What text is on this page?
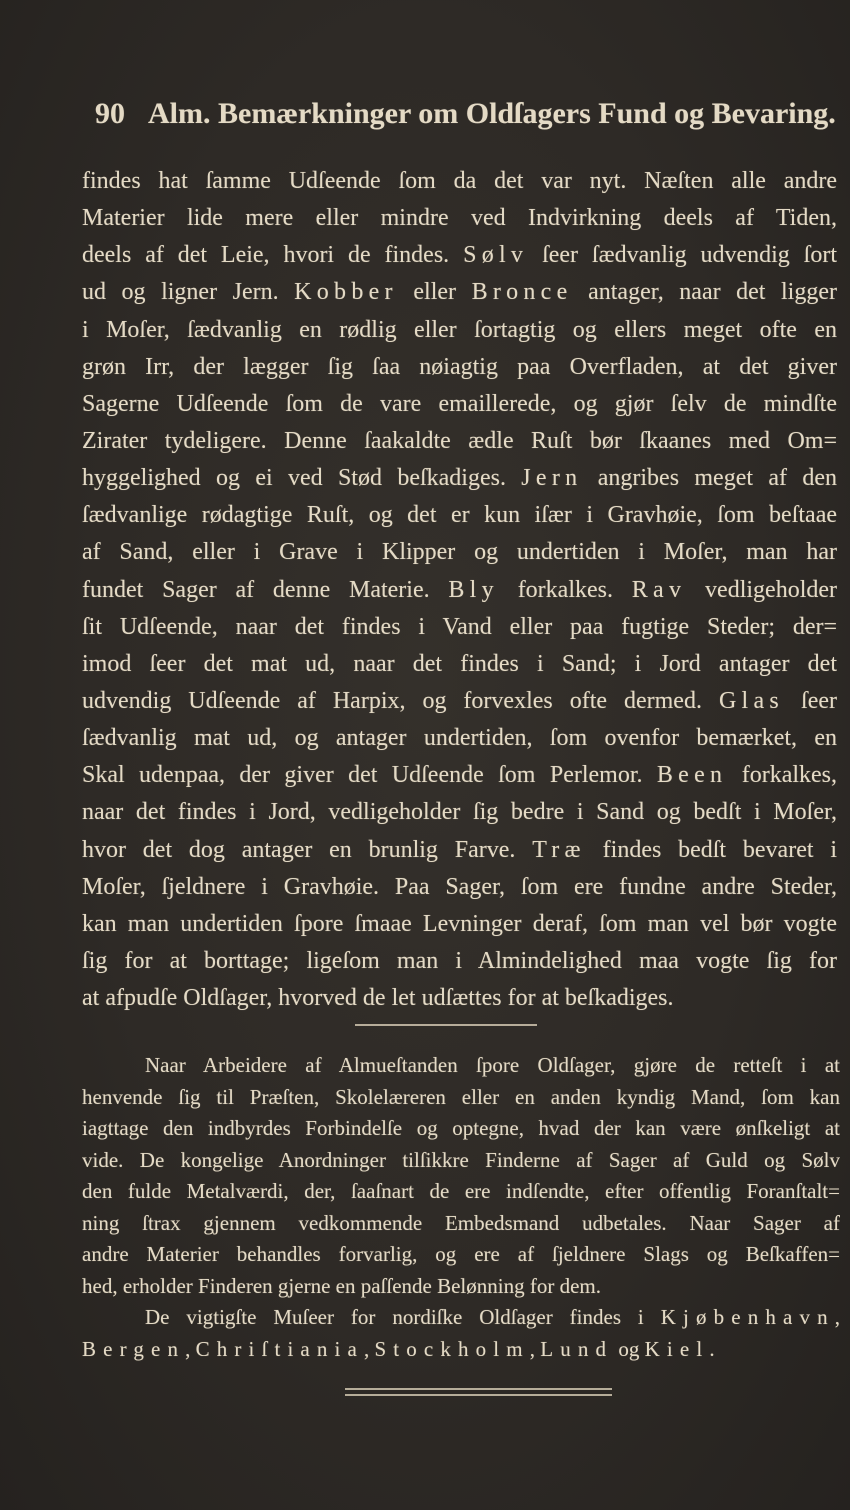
90 Alm. Bemærkninger om Oldſagers Fund og Bevaring.
findes hat ſamme Udſeende ſom da det var nyt. Næſten alle andre
Materier lide mere eller mindre ved Indvirkning deels af Tiden,
deels af det Leie, hvori de findes. Sølv ſeer ſædvanlig udvendig ſort
ud og ligner Jern. Kobber eller Bronce antager, naar det ligger
i Moſer, ſædvanlig en rødlig eller ſortagtig og ellers meget ofte en
grøn Irr, der lægger ſig ſaa nøiagtig paa Overfladen, at det giver
Sagerne Udſeende ſom de vare emaillerede, og gjør ſelv de mindſte
Zirater tydeligere. Denne ſaakaldte ædle Ruſt bør ſkaanes med Om=
hyggelighed og ei ved Stød beſkadiges. Jern angribes meget af den
ſædvanlige rødagtige Ruſt, og det er kun iſær i Gravhøie, ſom beſtaae
af Sand, eller i Grave i Klipper og undertiden i Moſer, man har
fundet Sager af denne Materie. Bly forkalkes. Rav vedligeholder
ſit Udſeende, naar det findes i Vand eller paa fugtige Steder; der=
imod ſeer det mat ud, naar det findes i Sand; i Jord antager det
udvendig Udſeende af Harpix, og forvexles ofte dermed. Glas ſeer
ſædvanlig mat ud, og antager undertiden, ſom ovenfor bemærket, en
Skal udenpaa, der giver det Udſeende ſom Perlemor. Been forkalkes,
naar det findes i Jord, vedligeholder ſig bedre i Sand og bedſt i Moſer,
hvor det dog antager en brunlig Farve. Træ findes bedſt bevaret i
Moſer, ſjeldnere i Gravhøie. Paa Sager, ſom ere fundne andre Steder,
kan man undertiden ſpore ſmaae Levninger deraf, ſom man vel bør vogte
ſig for at borttage; ligeſom man i Almindelighed maa vogte ſig for
at afpudſe Oldſager, hvorved de let udſættes for at beſkadiges.
Naar Arbeidere af Almueſtanden ſpore Oldſager, gjøre de retteſt i at
henvende ſig til Præſten, Skolelæreren eller en anden kyndig Mand, ſom kan
iagttage den indbyrdes Forbindelſe og optegne, hvad der kan være ønſkeligt at
vide. De kongelige Anordninger tilſikkre Finderne af Sager af Guld og Sølv
den fulde Metalværdi, der, ſaaſnart de ere indſendte, efter offentlig Foranſtalt=
ning ſtrax gjennem vedkommende Embedsmand udbetales. Naar Sager af
andre Materier behandles forvarlig, og ere af ſjeldnere Slags og Beſkaffen=
hed, erholder Finderen gjerne en paſſende Belønning for dem.
De vigtigſte Muſeer for nordiſke Oldſager findes i Kjøbenhavn,
Bergen, Chriſtiania, Stockholm, Lund og Kiel.
